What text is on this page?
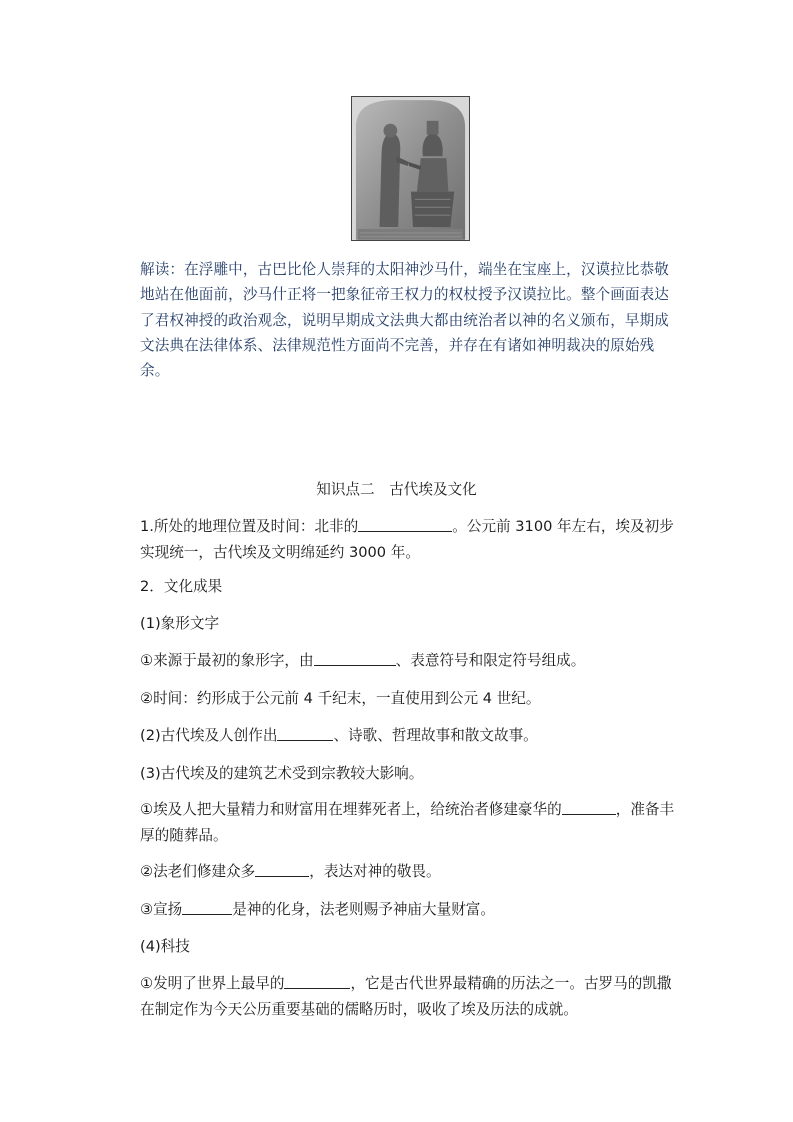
解读：在浮雕中，古巴比伦人崇拜的太阳神沙马什，端坐在宝座上，汉谟拉比恭敬地站在他面前，沙马什正将一把象征帝王权力的权杖授予汉谟拉比。整个画面表达了君权神授的政治观念，说明早期成文法典大都由统治者以神的名义颁布，早期成文法典在法律体系、法律规范性方面尚不完善，并存在有诸如神明裁决的原始残余。

知识点二　古代埃及文化

1.所处的地理位置及时间：北非的	。公元前 3100 年左右，埃及初步实现统一，古代埃及文明绵延约 3000 年。

2．文化成果

(1)象形文字

①来源于最初的象形字，由	、表意符号和限定符号组成。

②时间：约形成于公元前 4 千纪末，一直使用到公元 4 世纪。

(2)古代埃及人创作出	、诗歌、哲理故事和散文故事。

(3)古代埃及的建筑艺术受到宗教较大影响。

①埃及人把大量精力和财富用在埋葬死者上，给统治者修建豪华的	，准备丰厚的随葬品。

②法老们修建众多	，表达对神的敬畏。

③宣扬	是神的化身，法老则赐予神庙大量财富。

(4)科技

①发明了世界上最早的	，它是古代世界最精确的历法之一。古罗马的凯撒在制定作为今天公历重要基础的儒略历时，吸收了埃及历法的成就。
